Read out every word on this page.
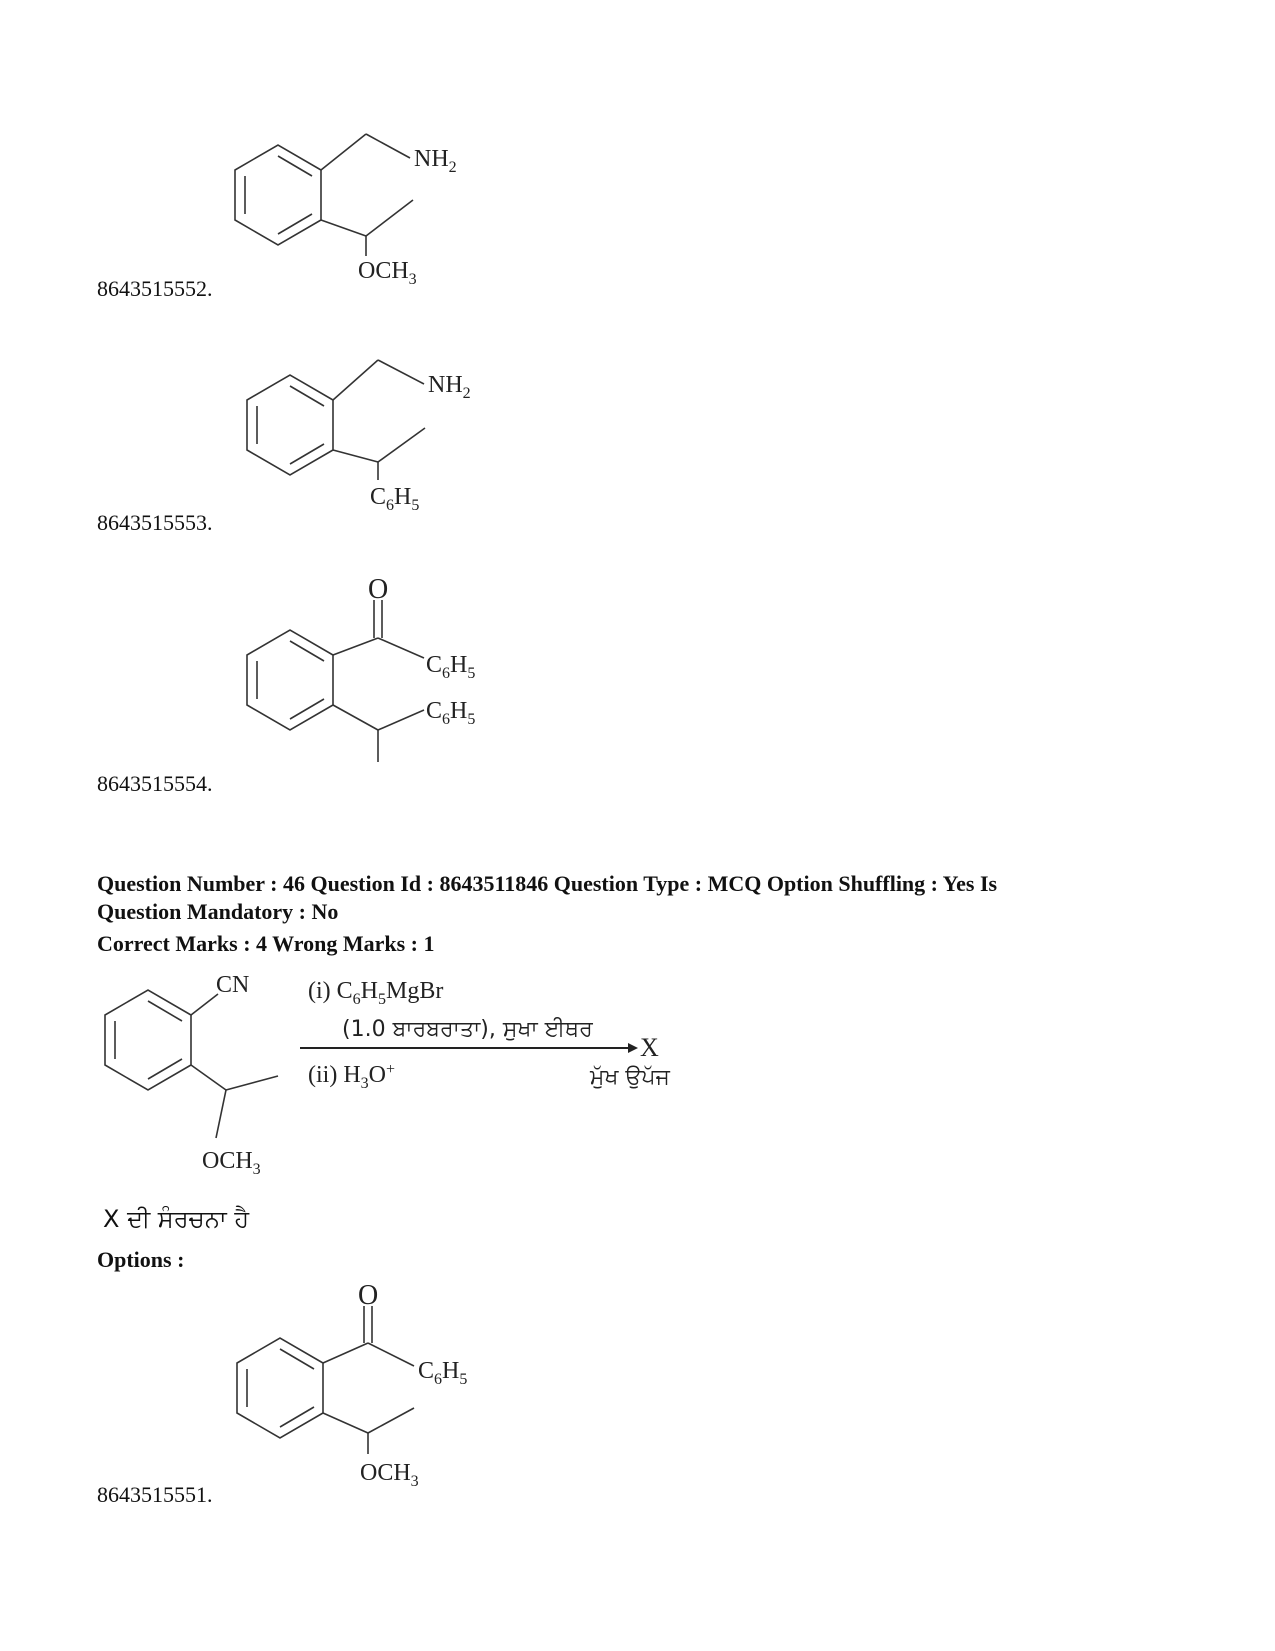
$NH_2$
$OCH_3$
8643515552.
$NH_2$
$C_6H_5$
8643515553.
O
$C_6H_5$
$C_6H_5$
8643515554.
Question Number : 46 Question Id : 8643511846 Question Type : MCQ Option Shuffling : Yes Is
Question Mandatory : No
Correct Marks : 4 Wrong Marks : 1
CN
$OCH_3$
(i) $C_6H_5MgBr$
(1.0 ਬਾਰਬਰਾਤਾ), ਸੁਖਾ ਈਥਰ
X
(ii) $H_3O^+$	ਮੁੱਖ ਉਪੱਜ
X ਦੀ ਸੰਰਚਨਾ ਹੈ
Options :
O
$C_6H_5$
$OCH_3$
8643515551.
